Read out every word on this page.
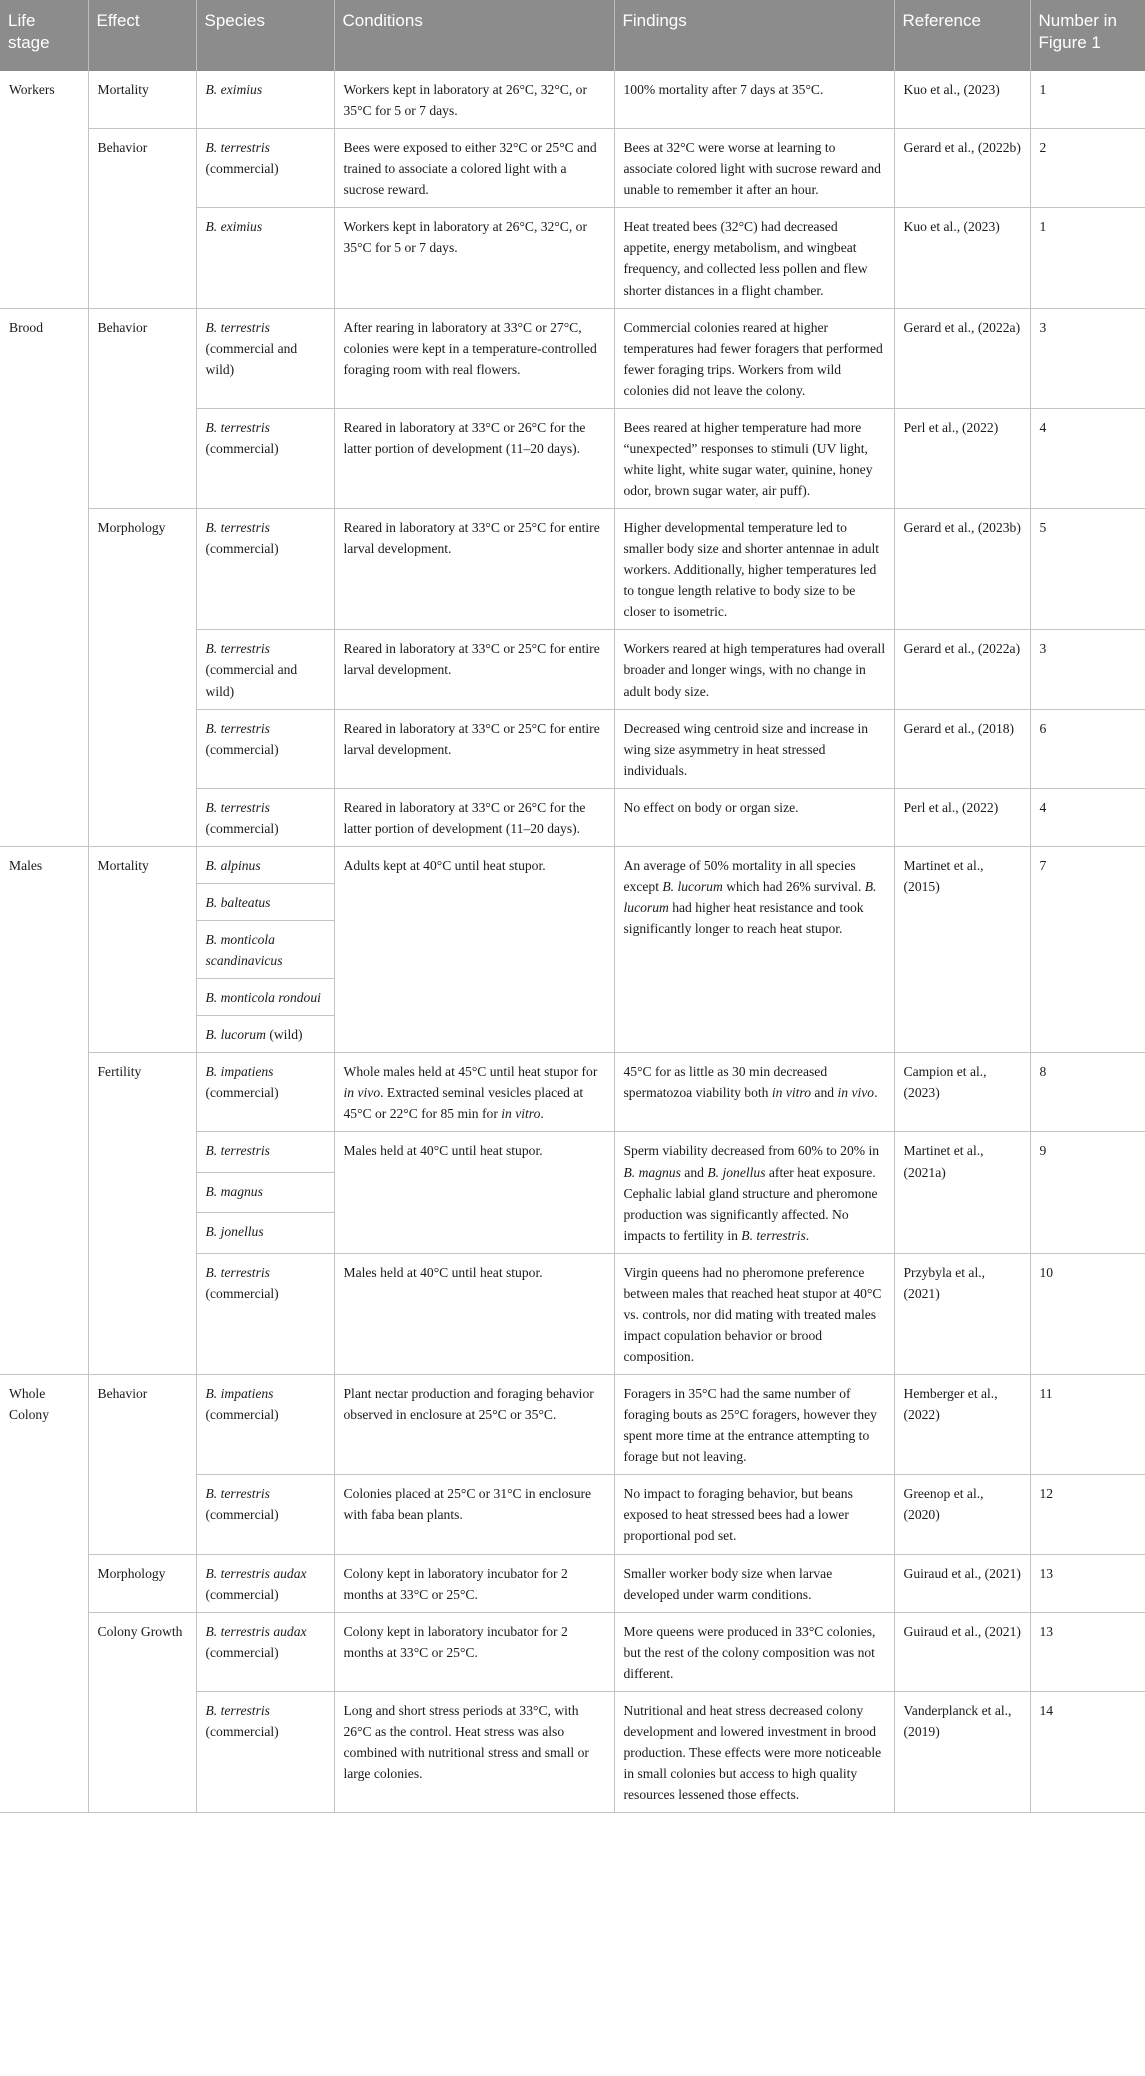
Life stage	Effect	Species	Conditions	Findings	Reference	Number in Figure 1
Workers	Mortality	B. eximius	Workers kept in laboratory at 26°C, 32°C, or 35°C for 5 or 7 days.	100% mortality after 7 days at 35°C.	Kuo et al., (2023)	1
	Behavior	B. terrestris (commercial)	Bees were exposed to either 32°C or 25°C and trained to associate a colored light with a sucrose reward.	Bees at 32°C were worse at learning to associate colored light with sucrose reward and unable to remember it after an hour.	Gerard et al., (2022b)	2
		B. eximius	Workers kept in laboratory at 26°C, 32°C, or 35°C for 5 or 7 days.	Heat treated bees (32°C) had decreased appetite, energy metabolism, and wingbeat frequency, and collected less pollen and flew shorter distances in a flight chamber.	Kuo et al., (2023)	1
Brood	Behavior	B. terrestris (commercial and wild)	After rearing in laboratory at 33°C or 27°C, colonies were kept in a temperature-controlled foraging room with real flowers.	Commercial colonies reared at higher temperatures had fewer foragers that performed fewer foraging trips. Workers from wild colonies did not leave the colony.	Gerard et al., (2022a)	3
		B. terrestris (commercial)	Reared in laboratory at 33°C or 26°C for the latter portion of development (11–20 days).	Bees reared at higher temperature had more “unexpected” responses to stimuli (UV light, white light, white sugar water, quinine, honey odor, brown sugar water, air puff).	Perl et al., (2022)	4
	Morphology	B. terrestris (commercial)	Reared in laboratory at 33°C or 25°C for entire larval development.	Higher developmental temperature led to smaller body size and shorter antennae in adult workers. Additionally, higher temperatures led to tongue length relative to body size to be closer to isometric.	Gerard et al., (2023b)	5
		B. terrestris (commercial and wild)	Reared in laboratory at 33°C or 25°C for entire larval development.	Workers reared at high temperatures had overall broader and longer wings, with no change in adult body size.	Gerard et al., (2022a)	3
		B. terrestris (commercial)	Reared in laboratory at 33°C or 25°C for entire larval development.	Decreased wing centroid size and increase in wing size asymmetry in heat stressed individuals.	Gerard et al., (2018)	6
		B. terrestris (commercial)	Reared in laboratory at 33°C or 26°C for the latter portion of development (11–20 days).	No effect on body or organ size.	Perl et al., (2022)	4
Males	Mortality	B. alpinus	Adults kept at 40°C until heat stupor.	An average of 50% mortality in all species except B. lucorum which had 26% survival. B. lucorum had higher heat resistance and took significantly longer to reach heat stupor.	Martinet et al., (2015)	7
		B. balteatus				
		B. monticola scandinavicus				
		B. monticola rondoui				
		B. lucorum (wild)				
	Fertility	B. impatiens (commercial)	Whole males held at 45°C until heat stupor for in vivo. Extracted seminal vesicles placed at 45°C or 22°C for 85 min for in vitro.	45°C for as little as 30 min decreased spermatozoa viability both in vitro and in vivo.	Campion et al., (2023)	8
		B. terrestris	Males held at 40°C until heat stupor.	Sperm viability decreased from 60% to 20% in B. magnus and B. jonellus after heat exposure. Cephalic labial gland structure and pheromone production was significantly affected. No impacts to fertility in B. terrestris.	Martinet et al., (2021a)	9
		B. magnus				
		B. jonellus				
		B. terrestris (commercial)	Males held at 40°C until heat stupor.	Virgin queens had no pheromone preference between males that reached heat stupor at 40°C vs. controls, nor did mating with treated males impact copulation behavior or brood composition.	Przybyla et al., (2021)	10
Whole Colony	Behavior	B. impatiens (commercial)	Plant nectar production and foraging behavior observed in enclosure at 25°C or 35°C.	Foragers in 35°C had the same number of foraging bouts as 25°C foragers, however they spent more time at the entrance attempting to forage but not leaving.	Hemberger et al., (2022)	11
		B. terrestris (commercial)	Colonies placed at 25°C or 31°C in enclosure with faba bean plants.	No impact to foraging behavior, but beans exposed to heat stressed bees had a lower proportional pod set.	Greenop et al., (2020)	12
	Morphology	B. terrestris audax (commercial)	Colony kept in laboratory incubator for 2 months at 33°C or 25°C.	Smaller worker body size when larvae developed under warm conditions.	Guiraud et al., (2021)	13
	Colony Growth	B. terrestris audax (commercial)	Colony kept in laboratory incubator for 2 months at 33°C or 25°C.	More queens were produced in 33°C colonies, but the rest of the colony composition was not different.	Guiraud et al., (2021)	13
		B. terrestris (commercial)	Long and short stress periods at 33°C, with 26°C as the control. Heat stress was also combined with nutritional stress and small or large colonies.	Nutritional and heat stress decreased colony development and lowered investment in brood production. These effects were more noticeable in small colonies but access to high quality resources lessened those effects.	Vanderplanck et al., (2019)	14
